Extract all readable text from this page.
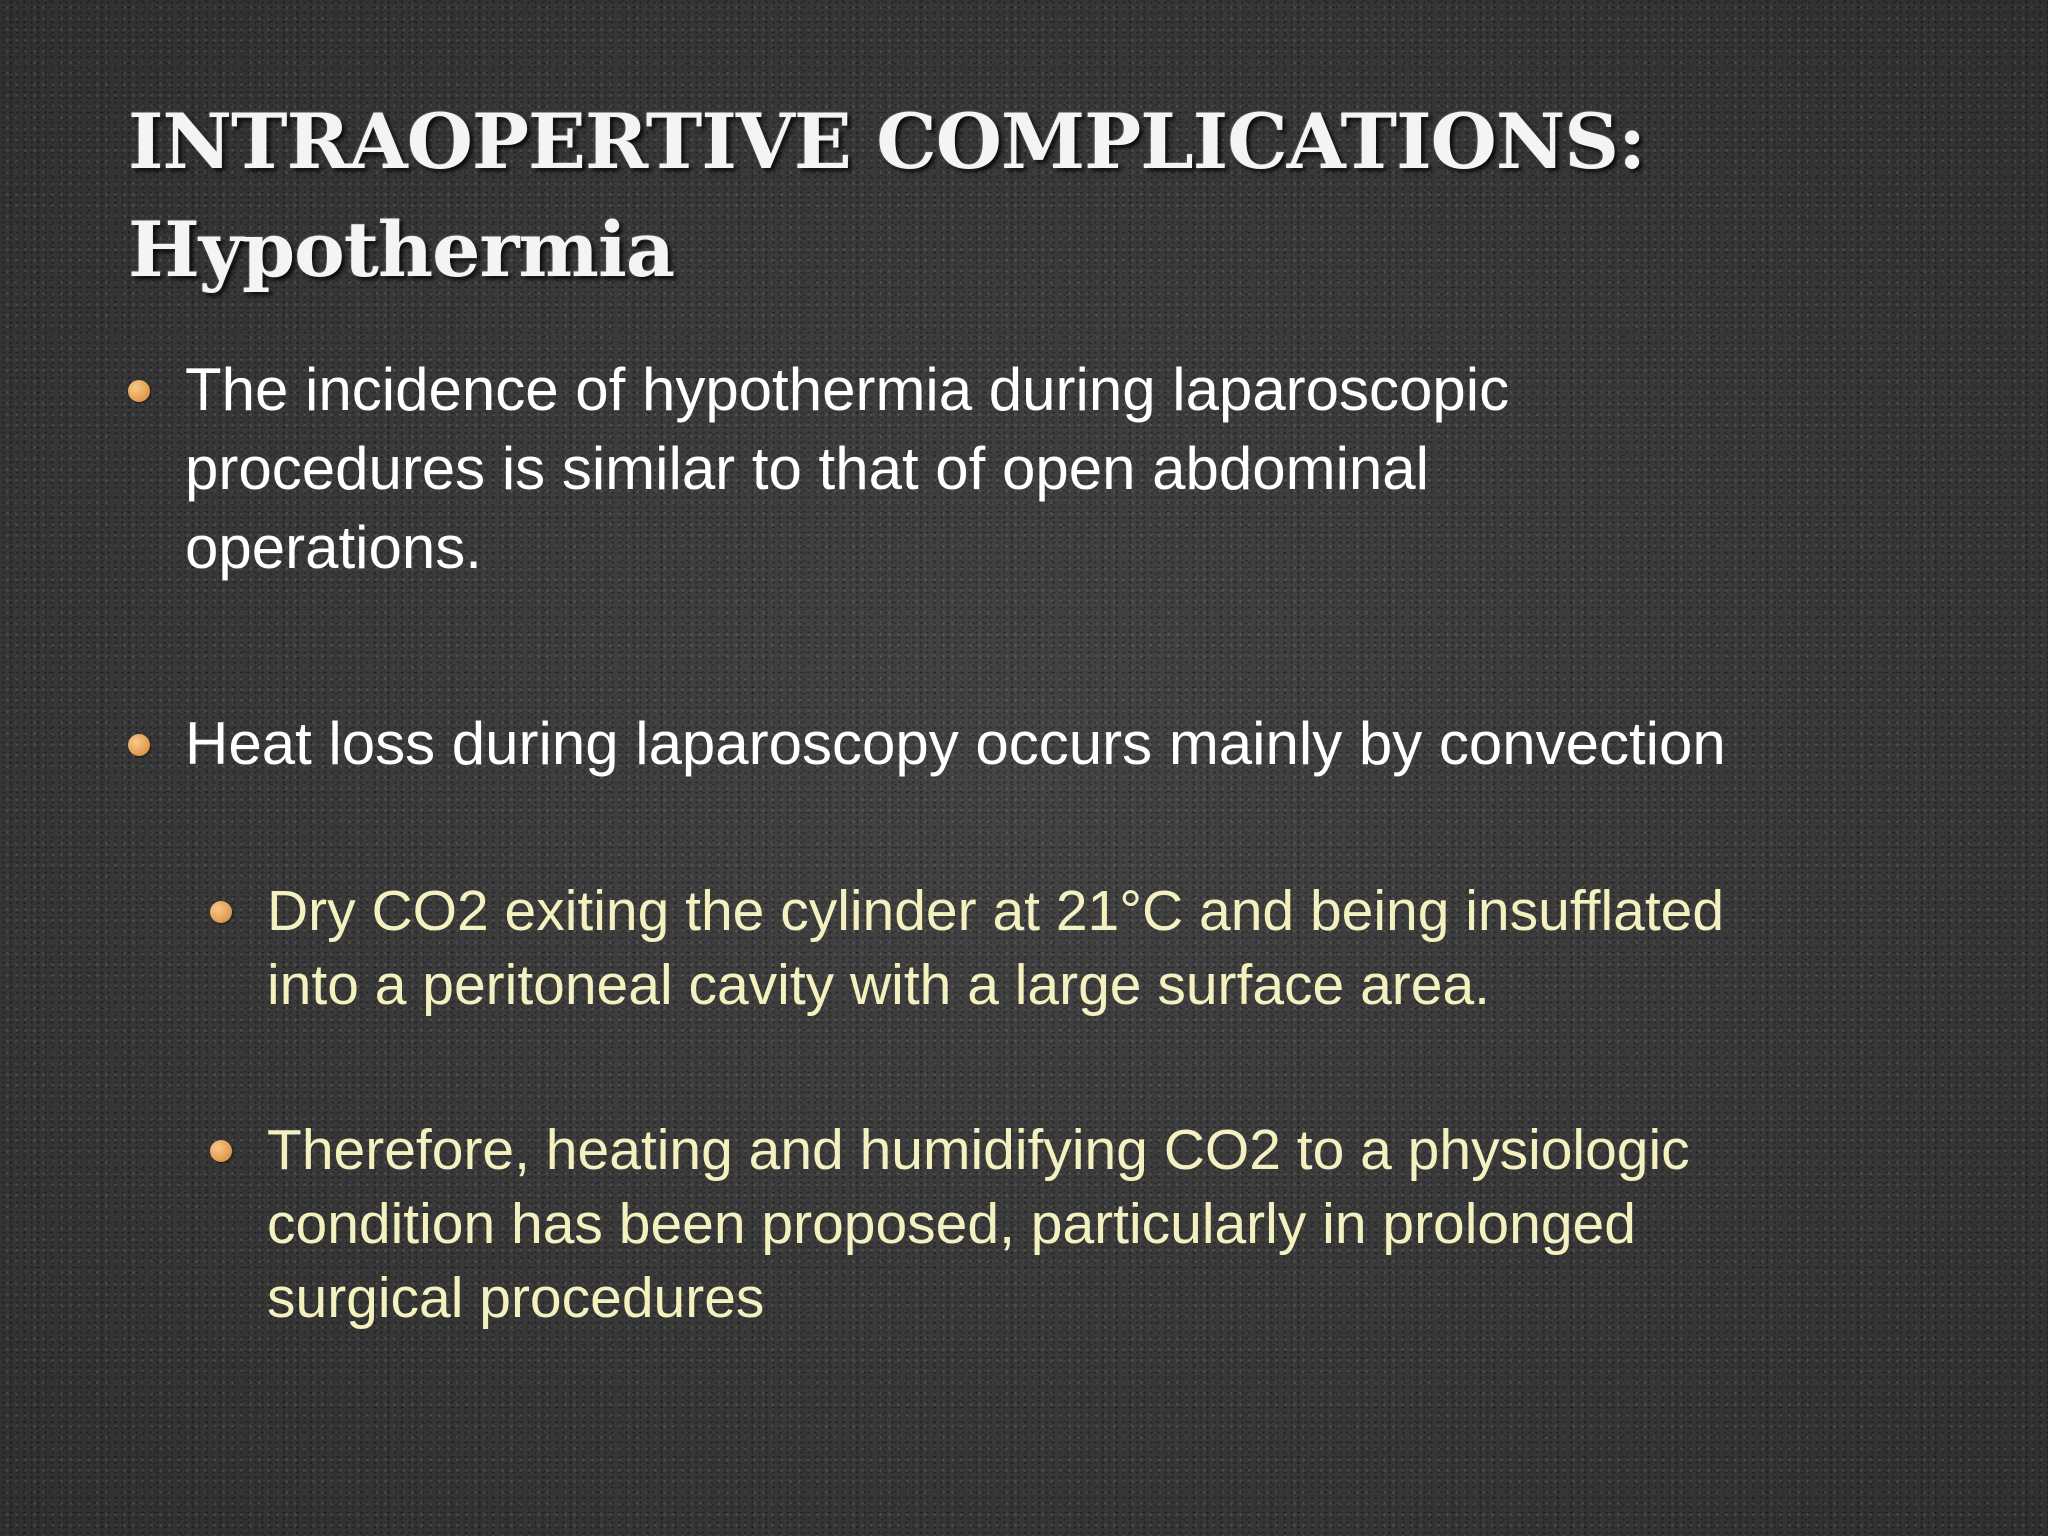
INTRAOPERTIVE COMPLICATIONS:
Hypothermia
The incidence of hypothermia during laparoscopic
procedures is similar to that of open abdominal
operations.
Heat loss during laparoscopy occurs mainly by convection
Dry CO2 exiting the cylinder at 21°C and being insufflated
into a peritoneal cavity with a large surface area.
Therefore, heating and humidifying CO2 to a physiologic
condition has been proposed, particularly in prolonged
surgical procedures
